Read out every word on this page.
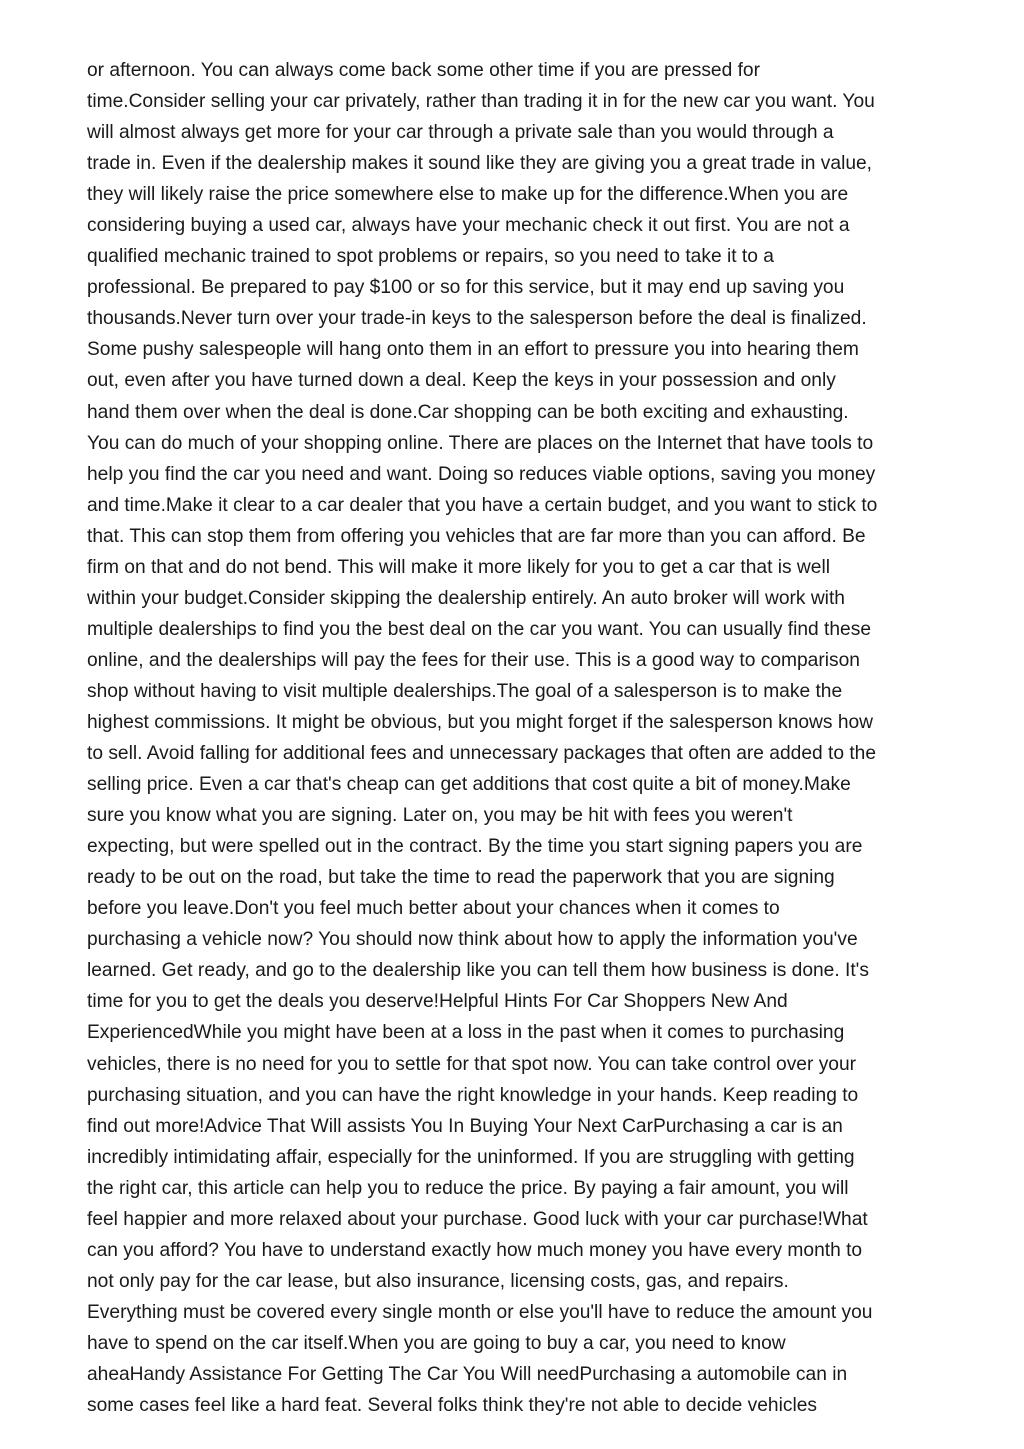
or afternoon. You can always come back some other time if you are pressed for
time.Consider selling your car privately, rather than trading it in for the new car you want. You
will almost always get more for your car through a private sale than you would through a
trade in. Even if the dealership makes it sound like they are giving you a great trade in value,
they will likely raise the price somewhere else to make up for the difference.When you are
considering buying a used car, always have your mechanic check it out first. You are not a
qualified mechanic trained to spot problems or repairs, so you need to take it to a
professional. Be prepared to pay $100 or so for this service, but it may end up saving you
thousands.Never turn over your trade-in keys to the salesperson before the deal is finalized.
Some pushy salespeople will hang onto them in an effort to pressure you into hearing them
out, even after you have turned down a deal. Keep the keys in your possession and only
hand them over when the deal is done.Car shopping can be both exciting and exhausting.
You can do much of your shopping online. There are places on the Internet that have tools to
help you find the car you need and want. Doing so reduces viable options, saving you money
and time.Make it clear to a car dealer that you have a certain budget, and you want to stick to
that. This can stop them from offering you vehicles that are far more than you can afford. Be
firm on that and do not bend. This will make it more likely for you to get a car that is well
within your budget.Consider skipping the dealership entirely. An auto broker will work with
multiple dealerships to find you the best deal on the car you want. You can usually find these
online, and the dealerships will pay the fees for their use. This is a good way to comparison
shop without having to visit multiple dealerships.The goal of a salesperson is to make the
highest commissions. It might be obvious, but you might forget if the salesperson knows how
to sell. Avoid falling for additional fees and unnecessary packages that often are added to the
selling price. Even a car that's cheap can get additions that cost quite a bit of money.Make
sure you know what you are signing. Later on, you may be hit with fees you weren't
expecting, but were spelled out in the contract. By the time you start signing papers you are
ready to be out on the road, but take the time to read the paperwork that you are signing
before you leave.Don't you feel much better about your chances when it comes to
purchasing a vehicle now? You should now think about how to apply the information you've
learned. Get ready, and go to the dealership like you can tell them how business is done. It's
time for you to get the deals you deserve!Helpful Hints For Car Shoppers New And
ExperiencedWhile you might have been at a loss in the past when it comes to purchasing
vehicles, there is no need for you to settle for that spot now. You can take control over your
purchasing situation, and you can have the right knowledge in your hands. Keep reading to
find out more!Advice That Will assists You In Buying Your Next CarPurchasing a car is an
incredibly intimidating affair, especially for the uninformed. If you are struggling with getting
the right car, this article can help you to reduce the price. By paying a fair amount, you will
feel happier and more relaxed about your purchase. Good luck with your car purchase!What
can you afford? You have to understand exactly how much money you have every month to
not only pay for the car lease, but also insurance, licensing costs, gas, and repairs.
Everything must be covered every single month or else you'll have to reduce the amount you
have to spend on the car itself.When you are going to buy a car, you need to know
aheaHandy Assistance For Getting The Car You Will needPurchasing a automobile can in
some cases feel like a hard feat. Several folks think they're not able to decide vehicles
